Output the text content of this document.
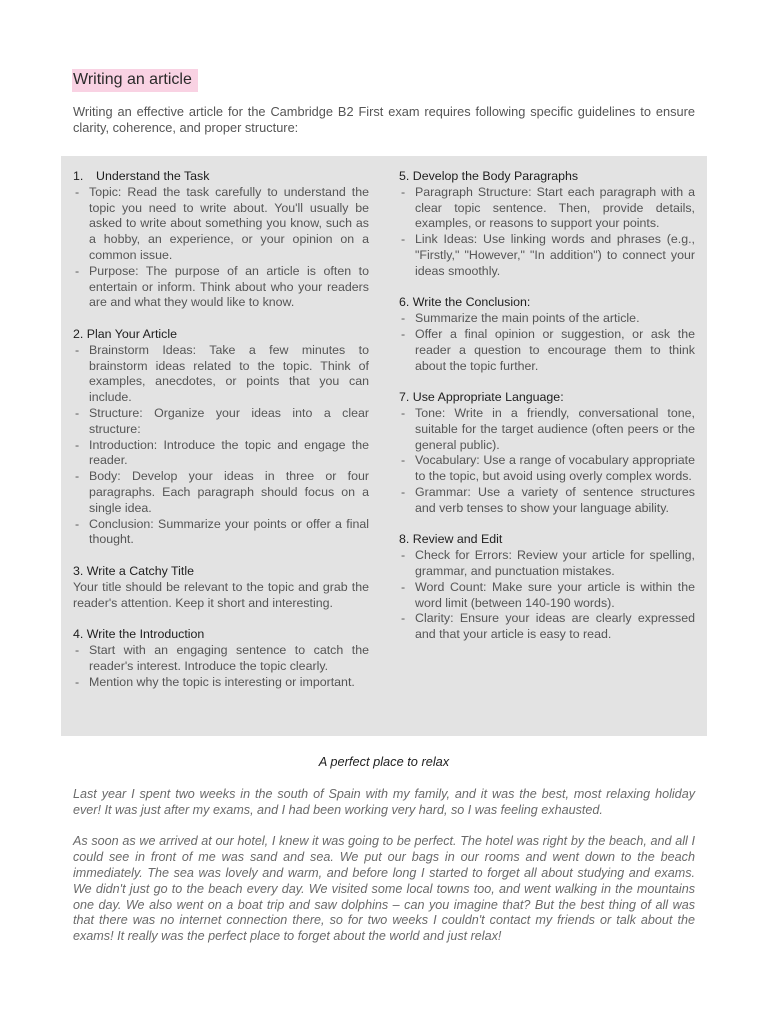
Writing an article
Writing an effective article for the Cambridge B2 First exam requires following specific guidelines to ensure clarity, coherence, and proper structure:
1. Understand the Task
- Topic: Read the task carefully to understand the topic you need to write about. You'll usually be asked to write about something you know, such as a hobby, an experience, or your opinion on a common issue.
- Purpose: The purpose of an article is often to entertain or inform. Think about who your readers are and what they would like to know.
2. Plan Your Article
- Brainstorm Ideas: Take a few minutes to brainstorm ideas related to the topic. Think of examples, anecdotes, or points that you can include.
- Structure: Organize your ideas into a clear structure:
- Introduction: Introduce the topic and engage the reader.
- Body: Develop your ideas in three or four paragraphs. Each paragraph should focus on a single idea.
- Conclusion: Summarize your points or offer a final thought.
3. Write a Catchy Title
Your title should be relevant to the topic and grab the reader's attention. Keep it short and interesting.
4. Write the Introduction
- Start with an engaging sentence to catch the reader's interest. Introduce the topic clearly.
- Mention why the topic is interesting or important.
5. Develop the Body Paragraphs
- Paragraph Structure: Start each paragraph with a clear topic sentence. Then, provide details, examples, or reasons to support your points.
- Link Ideas: Use linking words and phrases (e.g., "Firstly," "However," "In addition") to connect your ideas smoothly.
6. Write the Conclusion:
- Summarize the main points of the article.
- Offer a final opinion or suggestion, or ask the reader a question to encourage them to think about the topic further.
7. Use Appropriate Language:
- Tone: Write in a friendly, conversational tone, suitable for the target audience (often peers or the general public).
- Vocabulary: Use a range of vocabulary appropriate to the topic, but avoid using overly complex words.
- Grammar: Use a variety of sentence structures and verb tenses to show your language ability.
8. Review and Edit
- Check for Errors: Review your article for spelling, grammar, and punctuation mistakes.
- Word Count: Make sure your article is within the word limit (between 140-190 words).
- Clarity: Ensure your ideas are clearly expressed and that your article is easy to read.
A perfect place to relax

Last year I spent two weeks in the south of Spain with my family, and it was the best, most relaxing holiday ever! It was just after my exams, and I had been working very hard, so I was feeling exhausted.

As soon as we arrived at our hotel, I knew it was going to be perfect. The hotel was right by the beach, and all I could see in front of me was sand and sea. We put our bags in our rooms and went down to the beach immediately. The sea was lovely and warm, and before long I started to forget all about studying and exams. We didn't just go to the beach every day. We visited some local towns too, and went walking in the mountains one day. We also went on a boat trip and saw dolphins – can you imagine that? But the best thing of all was that there was no internet connection there, so for two weeks I couldn't contact my friends or talk about the exams! It really was the perfect place to forget about the world and just relax!
